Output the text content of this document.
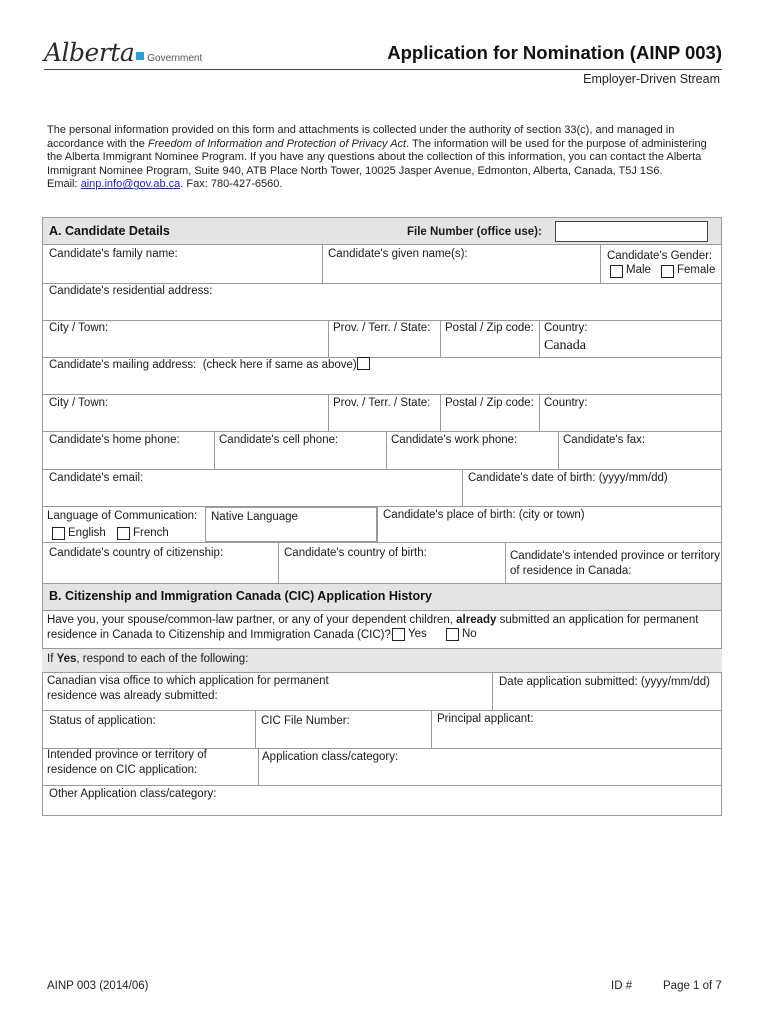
Alberta Government	Application for Nomination (AINP 003)
Employer-Driven Stream
The personal information provided on this form and attachments is collected under the authority of section 33(c), and managed in accordance with the Freedom of Information and Protection of Privacy Act. The information will be used for the purpose of administering the Alberta Immigrant Nominee Program. If you have any questions about the collection of this information, you can contact the Alberta Immigrant Nominee Program, Suite 940, ATB Place North Tower, 10025 Jasper Avenue, Edmonton, Alberta, Canada, T5J 1S6.
Email: ainp.info@gov.ab.ca. Fax: 780-427-6560.
A. Candidate Details	File Number (office use):
Candidate's family name:	Candidate's given name(s):	Candidate's Gender:
Male Female
Candidate's residential address:
City / Town:	Prov. / Terr. / State: Postal / Zip code: Country:
Canada
Candidate's mailing address: (check here if same as above)
City / Town:	Prov. / Terr. / State: Postal / Zip code: Country:
Candidate's home phone:	Candidate's cell phone:	Candidate's work phone:	Candidate's fax:
Candidate's email:	Candidate's date of birth: (yyyy/mm/dd)
Language of Communication:
English French
Native Language	Candidate's place of birth: (city or town)
Candidate's country of citizenship:	Candidate's country of birth:	Candidate's intended province or territory of residence in Canada:
B. Citizenship and Immigration Canada (CIC) Application History
Have you, your spouse/common-law partner, or any of your dependent children, already submitted an application for permanent residence in Canada to Citizenship and Immigration Canada (CIC)?	Yes	No
If Yes, respond to each of the following:
Canadian visa office to which application for permanent residence was already submitted:
Date application submitted: (yyyy/mm/dd)
Status of application:	CIC File Number:	Principal applicant:
Intended province or territory of residence on CIC application:
Application class/category:
Other Application class/category:
AINP 003 (2014/06)	ID #	Page 1 of 7
